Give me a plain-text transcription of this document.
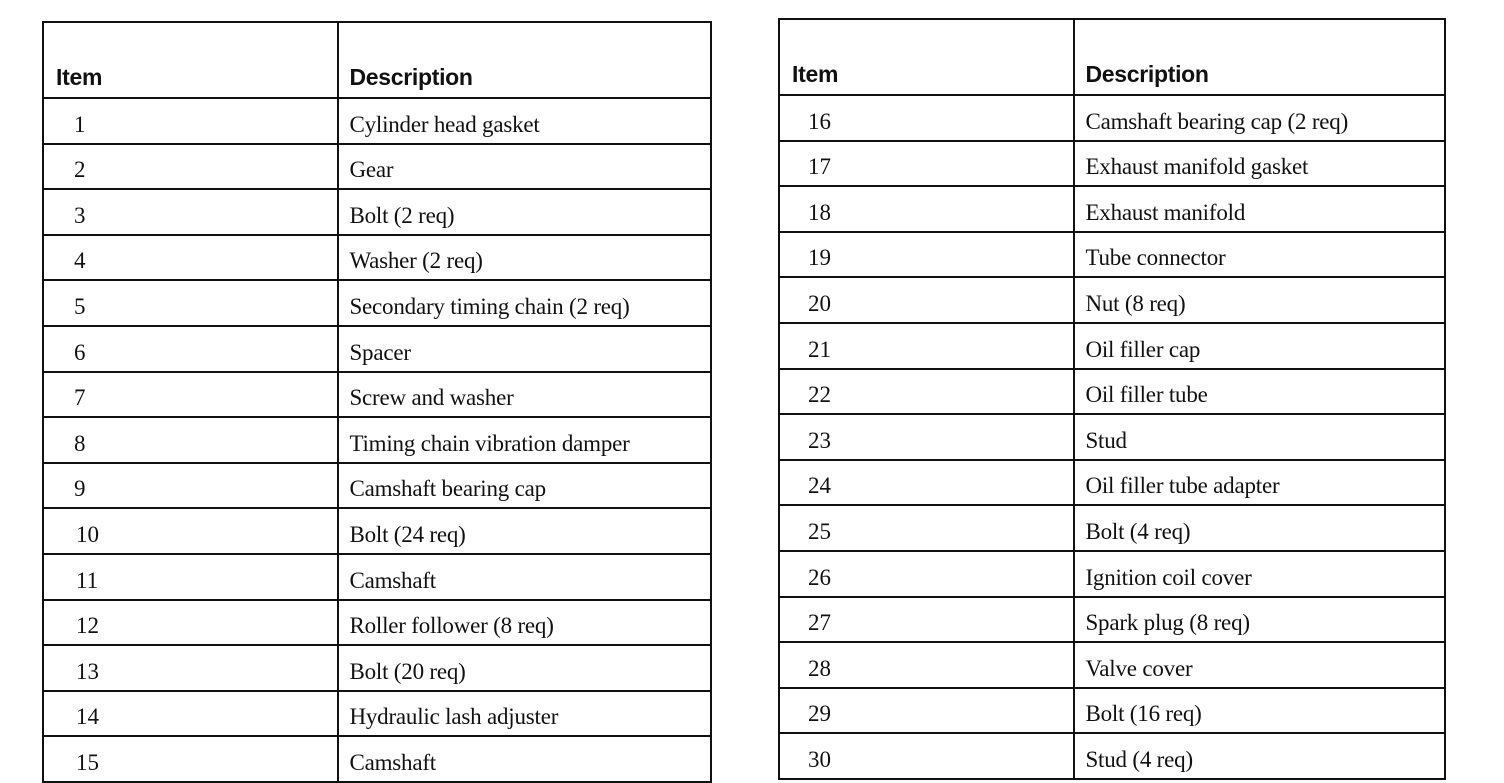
Item	Description
1	Cylinder head gasket
2	Gear
3	Bolt (2 req)
4	Washer (2 req)
5	Secondary timing chain (2 req)
6	Spacer
7	Screw and washer
8	Timing chain vibration damper
9	Camshaft bearing cap
10	Bolt (24 req)
11	Camshaft
12	Roller follower (8 req)
13	Bolt (20 req)
14	Hydraulic lash adjuster
15	Camshaft
Item	Description
16	Camshaft bearing cap (2 req)
17	Exhaust manifold gasket
18	Exhaust manifold
19	Tube connector
20	Nut (8 req)
21	Oil filler cap
22	Oil filler tube
23	Stud
24	Oil filler tube adapter
25	Bolt (4 req)
26	Ignition coil cover
27	Spark plug (8 req)
28	Valve cover
29	Bolt (16 req)
30	Stud (4 req)
